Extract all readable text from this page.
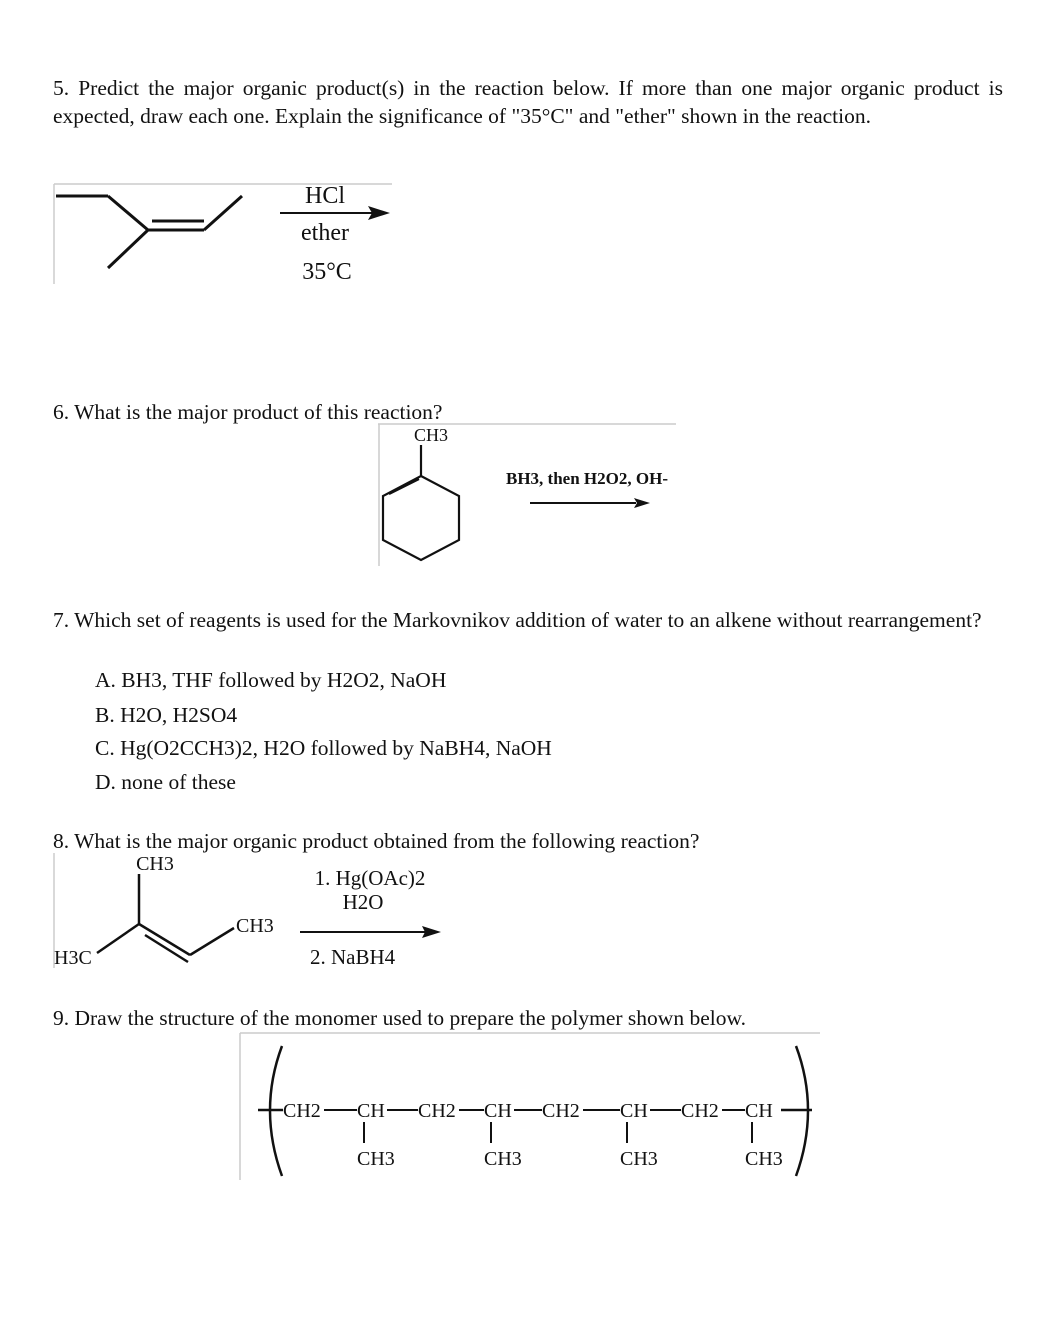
5. Predict the major organic product(s) in the reaction below. If more than one major organic product is expected, draw each one. Explain the significance of "35°C" and "ether" shown in the reaction.

HCl
ether
35°C

6. What is the major product of this reaction?

CH3
BH3, then H2O2, OH-

7. Which set of reagents is used for the Markovnikov addition of water to an alkene without rearrangement?

A. BH3, THF followed by H2O2, NaOH

B. H2O, H2SO4

C. Hg(O2CCH3)2, H2O followed by NaBH4, NaOH

D. none of these

8. What is the major organic product obtained from the following reaction?

CH3
CH3
H3C
1. Hg(OAc)2
H2O
2. NaBH4

9. Draw the structure of the monomer used to prepare the polymer shown below.

CH2 CH CH2 CH CH2 CH CH2 CH
CH3	CH3	CH3	CH3
